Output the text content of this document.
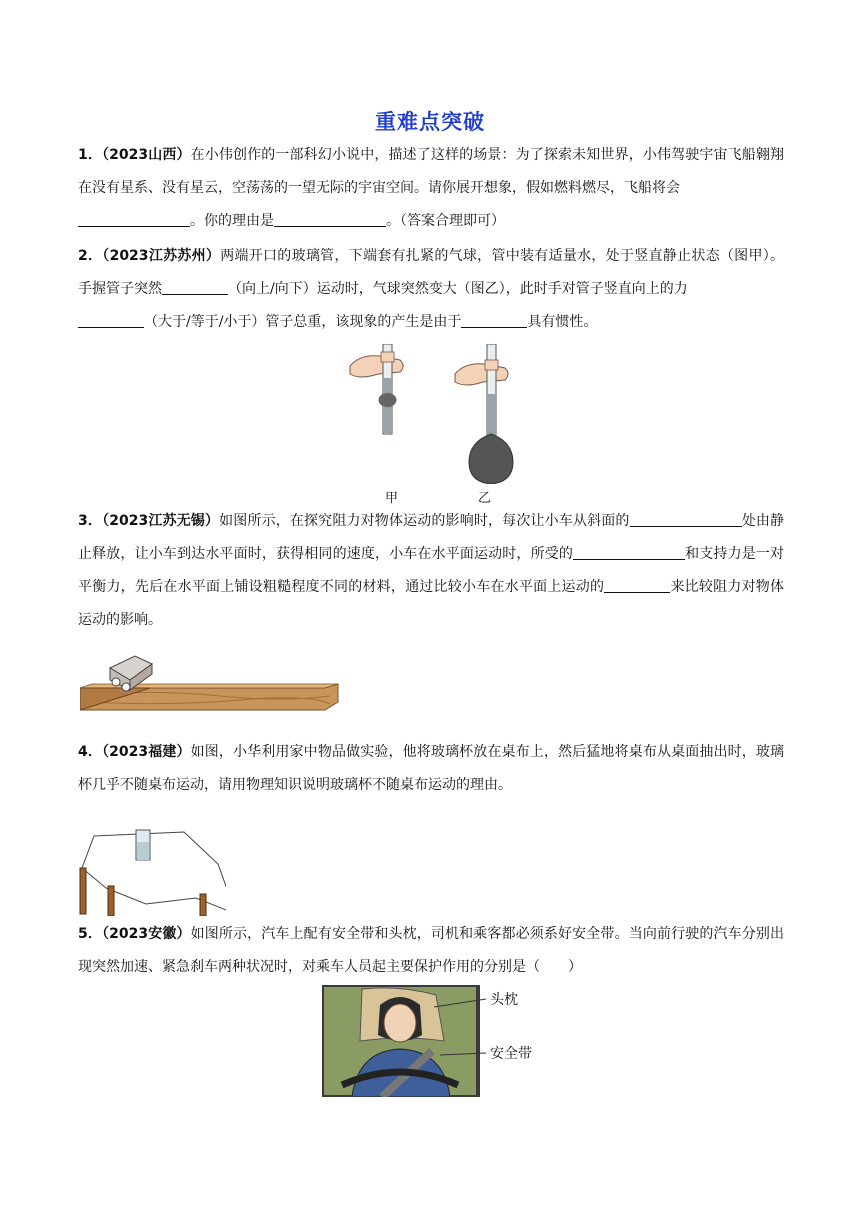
重难点突破
1．（2023山西）在小伟创作的一部科幻小说中，描述了这样的场景：为了探索未知世界，小伟驾驶宇宙飞船翱翔在没有星系、没有星云，空荡荡的一望无际的宇宙空间。请你展开想象，假如燃料燃尽，飞船将会
。你的理由是	。（答案合理即可）
2．（2023江苏苏州）两端开口的玻璃管，下端套有扎紧的气球，管中装有适量水，处于竖直静止状态（图甲）。手握管子突然	（向上/向下）运动时，气球突然变大（图乙），此时手对管子竖直向上的力
（大于/等于/小于）管子总重，该现象的产生是由于	具有惯性。
甲	乙
3．（2023江苏无锡）如图所示，在探究阻力对物体运动的影响时，每次让小车从斜面的	处由静止释放，让小车到达水平面时，获得相同的速度，小车在水平面运动时，所受的	和支持力是一对平衡力，先后在水平面上铺设粗糙程度不同的材料，通过比较小车在水平面上运动的	来比较阻力对物体运动的影响。
4．（2023福建）如图，小华利用家中物品做实验，他将玻璃杯放在桌布上，然后猛地将桌布从桌面抽出时，玻璃杯几乎不随桌布运动，请用物理知识说明玻璃杯不随桌布运动的理由。
5．（2023安徽）如图所示，汽车上配有安全带和头枕，司机和乘客都必须系好安全带。当向前行驶的汽车分别出现突然加速、紧急刹车两种状况时，对乘车人员起主要保护作用的分别是（　　）
头枕
安全带
